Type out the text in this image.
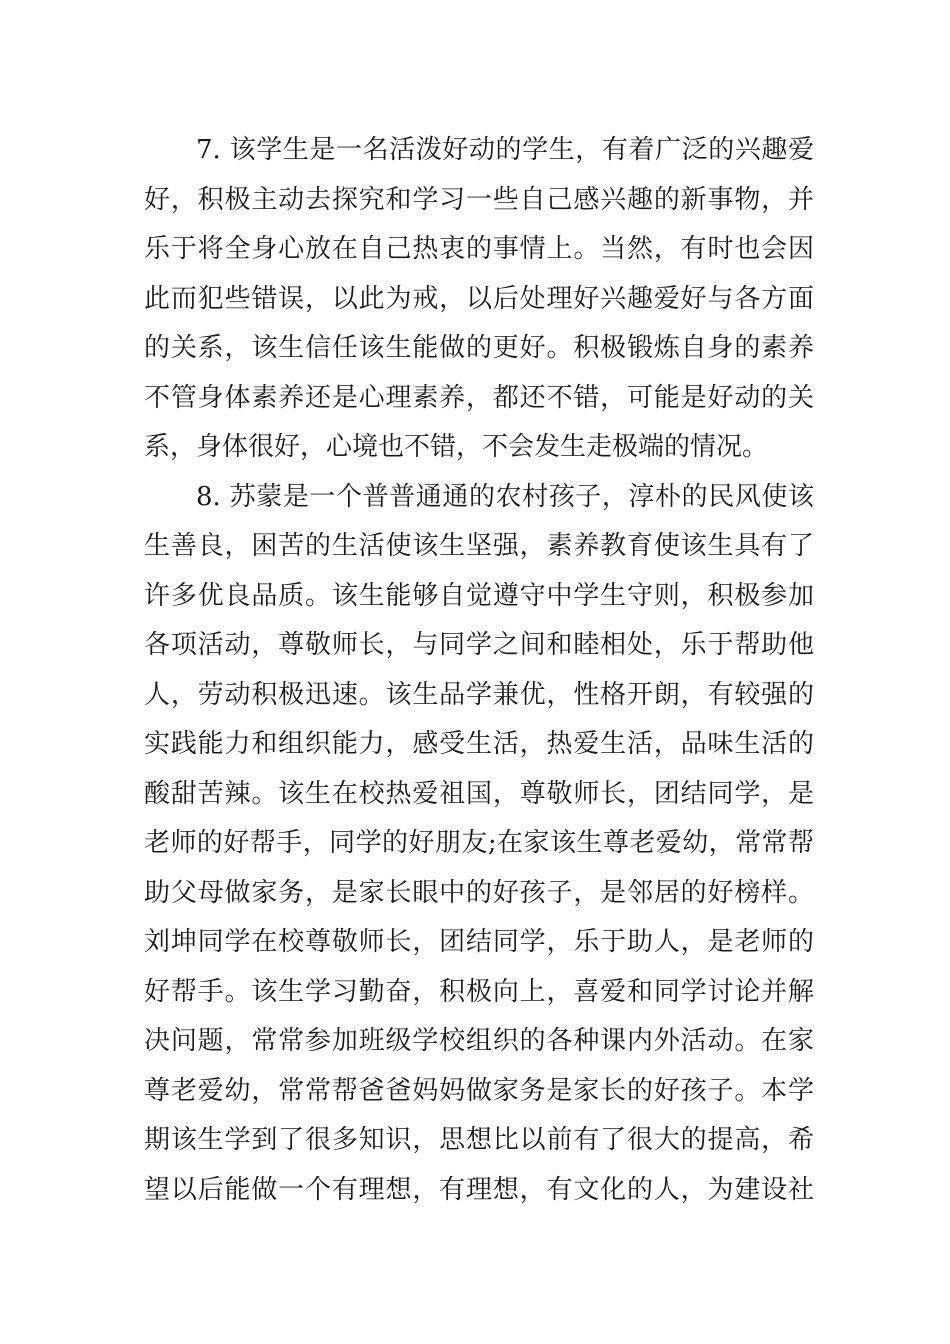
7. 该学生是一名活泼好动的学生，有着广泛的兴趣爱
好，积极主动去探究和学习一些自己感兴趣的新事物，并
乐于将全身心放在自己热衷的事情上。当然，有时也会因
此而犯些错误，以此为戒，以后处理好兴趣爱好与各方面
的关系，该生信任该生能做的更好。积极锻炼自身的素养
不管身体素养还是心理素养，都还不错，可能是好动的关
系，身体很好，心境也不错，不会发生走极端的情况。
8. 苏蒙是一个普普通通的农村孩子，淳朴的民风使该
生善良，困苦的生活使该生坚强，素养教育使该生具有了
许多优良品质。该生能够自觉遵守中学生守则，积极参加
各项活动，尊敬师长，与同学之间和睦相处，乐于帮助他
人，劳动积极迅速。该生品学兼优，性格开朗，有较强的
实践能力和组织能力，感受生活，热爱生活，品味生活的
酸甜苦辣。该生在校热爱祖国，尊敬师长，团结同学，是
老师的好帮手，同学的好朋友;在家该生尊老爱幼，常常帮
助父母做家务，是家长眼中的好孩子，是邻居的好榜样。
刘坤同学在校尊敬师长，团结同学，乐于助人，是老师的
好帮手。该生学习勤奋，积极向上，喜爱和同学讨论并解
决问题，常常参加班级学校组织的各种课内外活动。在家
尊老爱幼，常常帮爸爸妈妈做家务是家长的好孩子。本学
期该生学到了很多知识，思想比以前有了很大的提高，希
望以后能做一个有理想，有理想，有文化的人，为建设社
